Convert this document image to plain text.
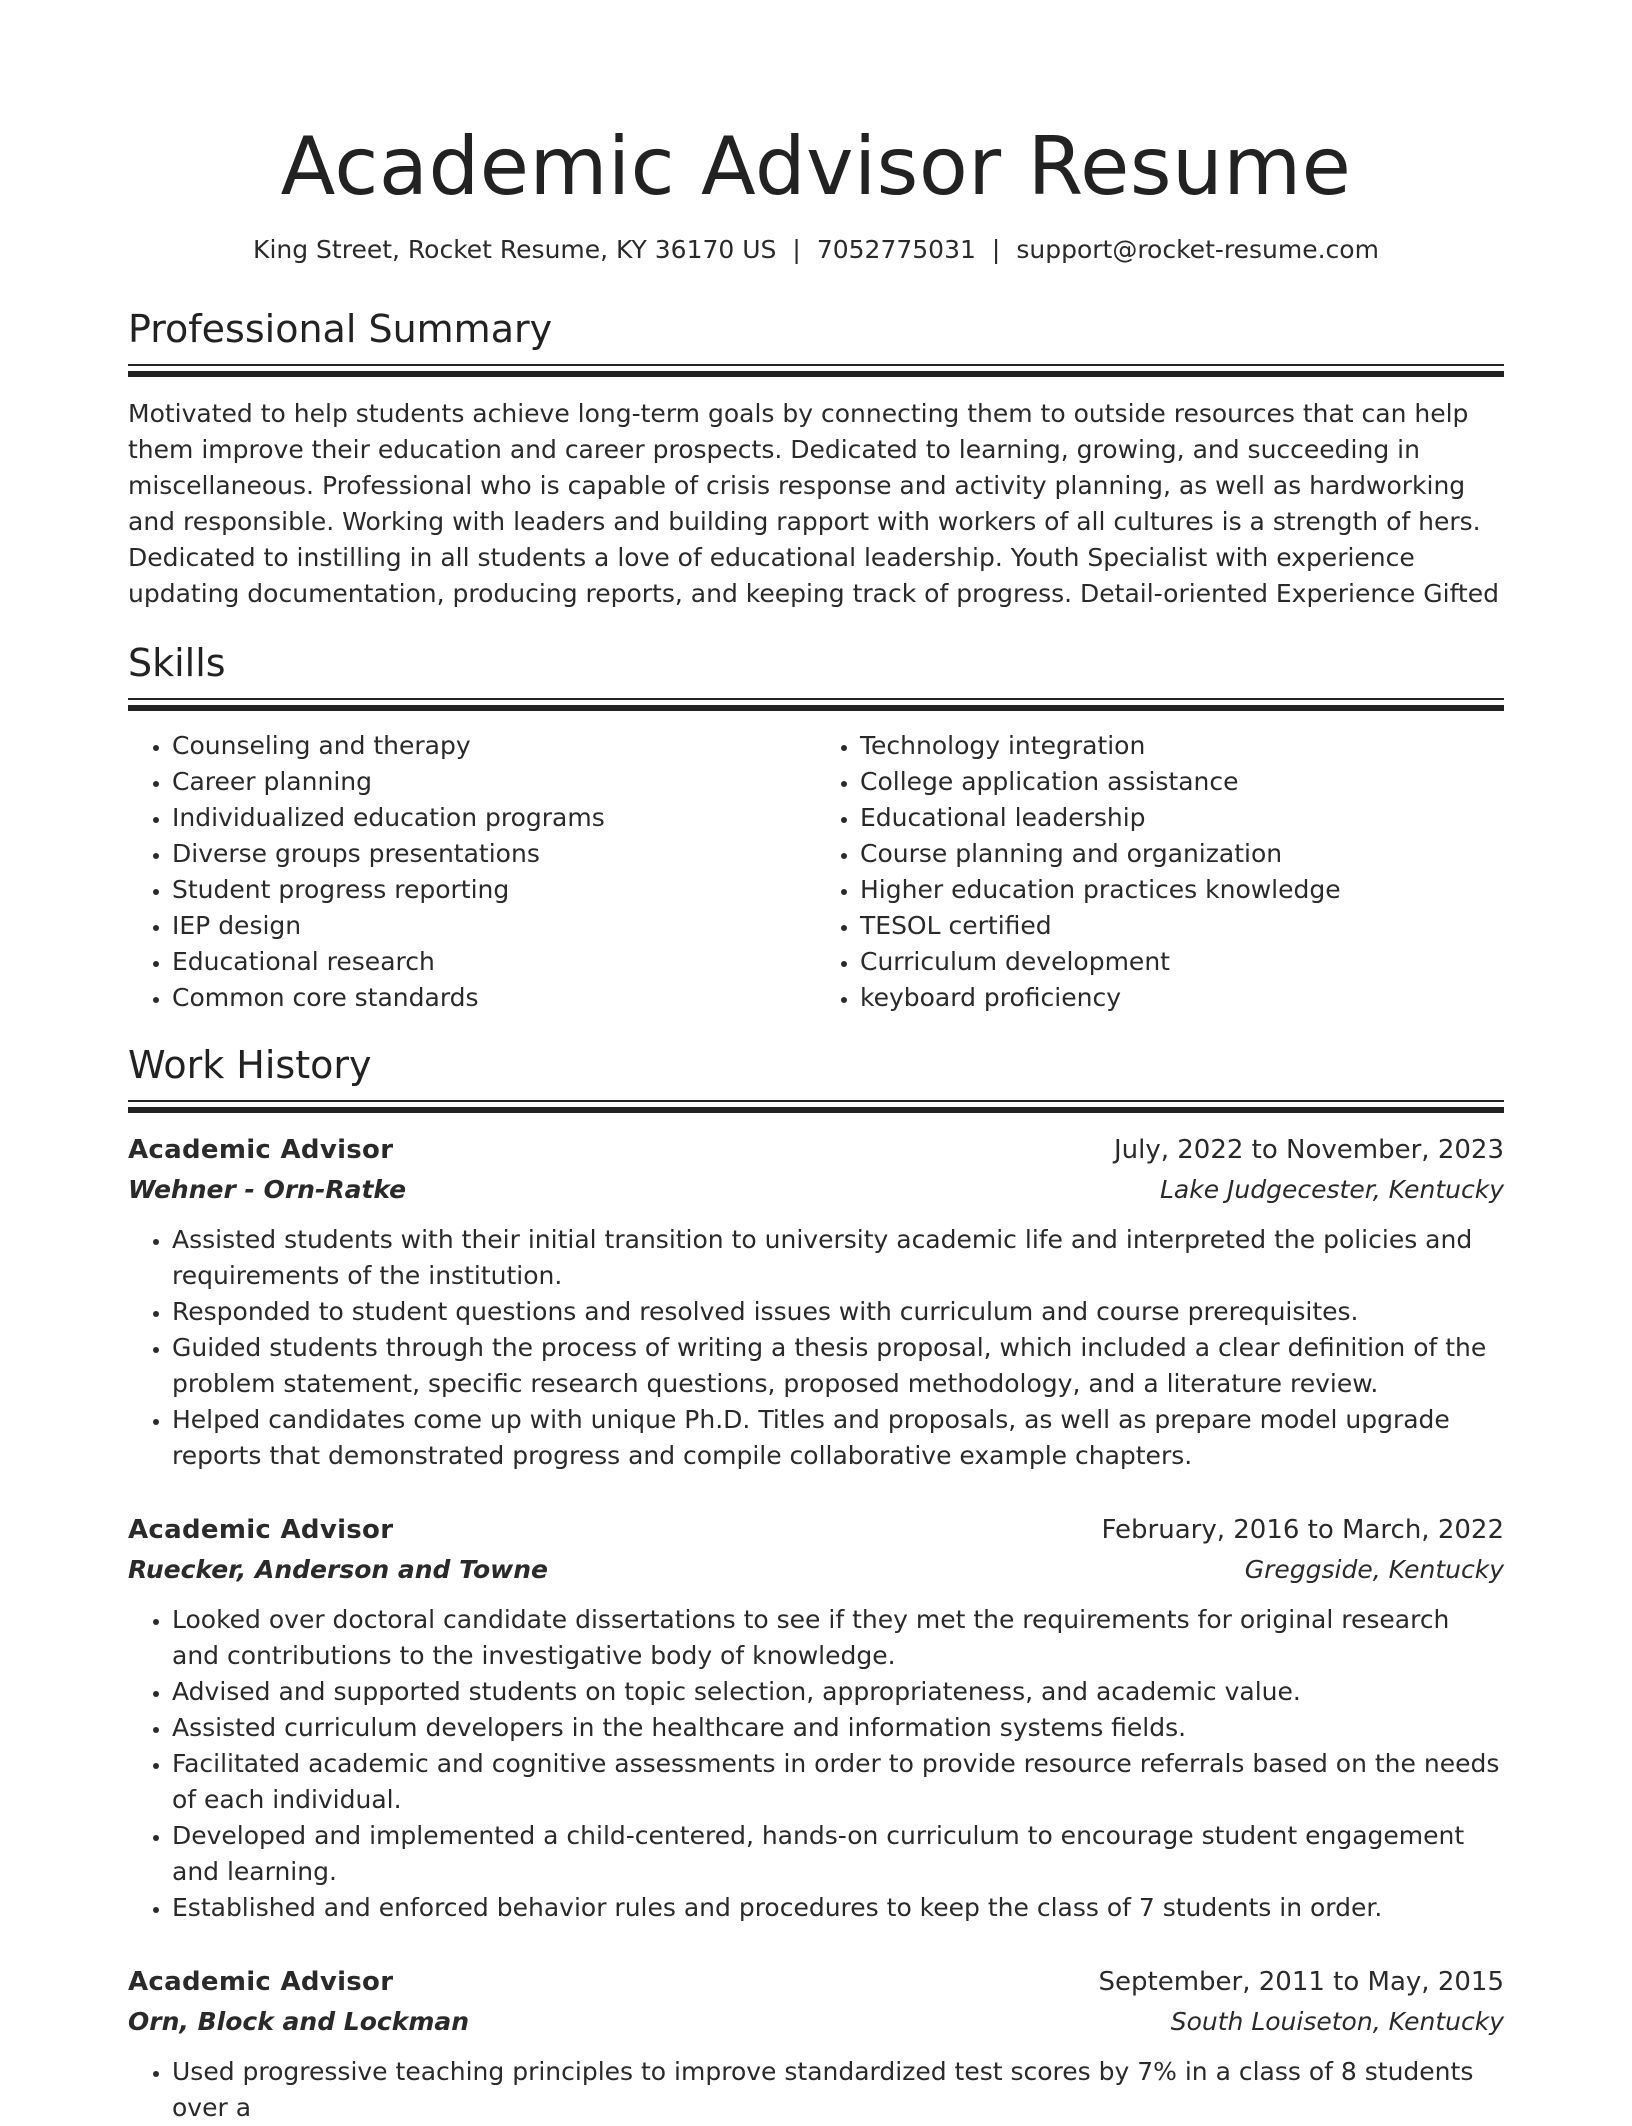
Academic Advisor Resume
King Street, Rocket Resume, KY 36170 US | 7052775031 | support@rocket-resume.com
Professional Summary

Motivated to help students achieve long-term goals by connecting them to outside resources that can help them improve their education and career prospects. Dedicated to learning, growing, and succeeding in miscellaneous. Professional who is capable of crisis response and activity planning, as well as hardworking and responsible. Working with leaders and building rapport with workers of all cultures is a strength of hers. Dedicated to instilling in all students a love of educational leadership. Youth Specialist with experience updating documentation, producing reports, and keeping track of progress. Detail-oriented Experience Gifted

Skills
• Counseling and therapy
• Career planning
• Individualized education programs
• Diverse groups presentations
• Student progress reporting
• IEP design
• Educational research
• Common core standards
• Technology integration
• College application assistance
• Educational leadership
• Course planning and organization
• Higher education practices knowledge
• TESOL certified
• Curriculum development
• keyboard proficiency
Work History
Academic Advisor	July, 2022 to November, 2023
Wehner - Orn-Ratke	Lake Judgecester, Kentucky
• Assisted students with their initial transition to university academic life and interpreted the policies and requirements of the institution.
• Responded to student questions and resolved issues with curriculum and course prerequisites.
• Guided students through the process of writing a thesis proposal, which included a clear definition of the problem statement, specific research questions, proposed methodology, and a literature review.
• Helped candidates come up with unique Ph.D. Titles and proposals, as well as prepare model upgrade reports that demonstrated progress and compile collaborative example chapters.
Academic Advisor	February, 2016 to March, 2022
Ruecker, Anderson and Towne	Greggside, Kentucky
• Looked over doctoral candidate dissertations to see if they met the requirements for original research and contributions to the investigative body of knowledge.
• Advised and supported students on topic selection, appropriateness, and academic value.
• Assisted curriculum developers in the healthcare and information systems fields.
• Facilitated academic and cognitive assessments in order to provide resource referrals based on the needs of each individual.
• Developed and implemented a child-centered, hands-on curriculum to encourage student engagement and learning.
• Established and enforced behavior rules and procedures to keep the class of 7 students in order.
Academic Advisor	September, 2011 to May, 2015
Orn, Block and Lockman	South Louiseton, Kentucky
• Used progressive teaching principles to improve standardized test scores by 7% in a class of 8 students over a
